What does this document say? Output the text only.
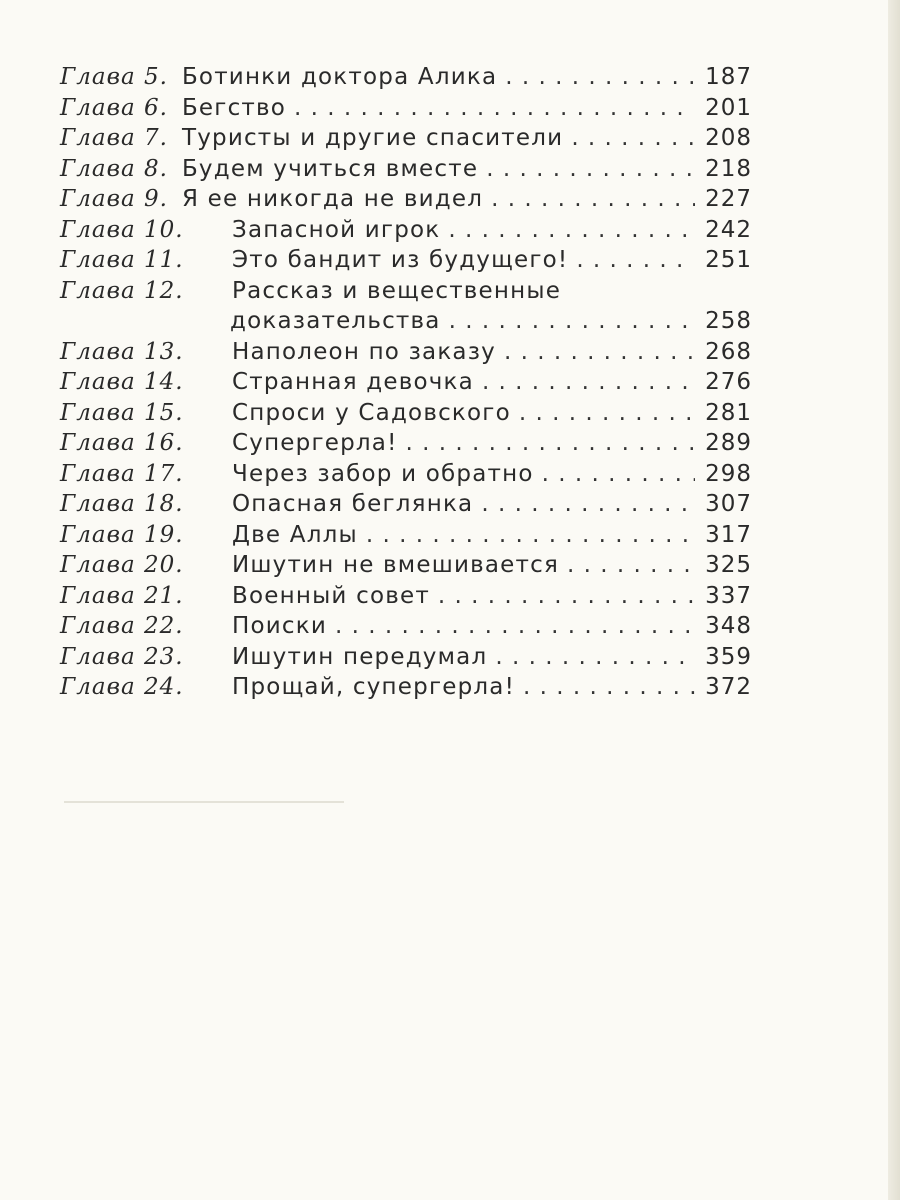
Глава 5. Ботинки доктора Алика . . .	187
Глава 6. Бегство . . .	201
Глава 7. Туристы и другие спасители . . .	208
Глава 8. Будем учиться вместе . . .	218
Глава 9. Я ее никогда не видел . . .	227
Глава 10.	Запасной игрок . . .	242
Глава 11.	Это бандит из будущего! . . .	251
Глава 12.	Рассказ и вещественные
доказательства . . .	258
Глава 13.	Наполеон по заказу . . .	268
Глава 14.	Странная девочка . . .	276
Глава 15.	Спроси у Садовского . . .	281
Глава 16.	Супергерла! . . .	289
Глава 17.	Через забор и обратно . . .	298
Глава 18.	Опасная беглянка . . .	307
Глава 19.	Две Аллы . . .	317
Глава 20.	Ишутин не вмешивается . . .	325
Глава 21.	Военный совет . . .	337
Глава 22.	Поиски . . .	348
Глава 23.	Ишутин передумал . . .	359
Глава 24.	Прощай, супергерла! . . .	372
